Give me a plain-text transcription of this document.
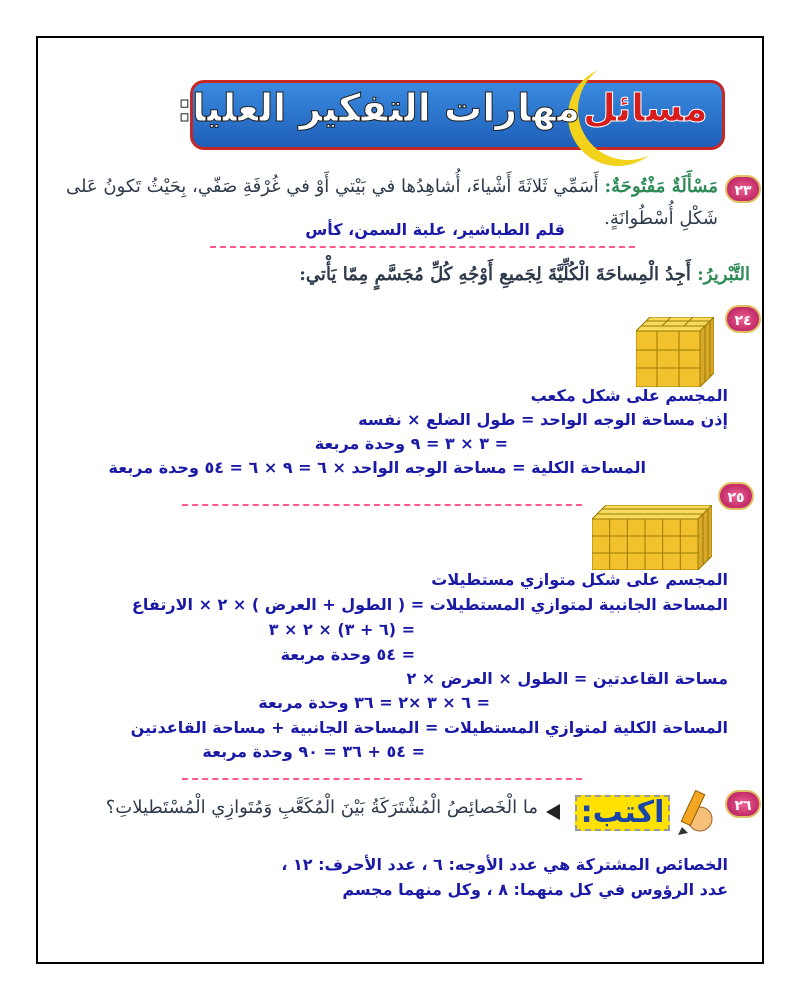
مسائل
مهارات التفكير العليا:
٢٣
مَسْأَلَةٌ مَفْتُوحَةٌ: أَسَمِّي ثَلاثَةَ أَشْياءَ، أُشاهِدُها في بَيْتي أَوْ في غُرْفَةِ صَفّي، بِحَيْثُ تَكونُ عَلى
شَكْلِ أُسْطُوانَةٍ.
قلم الطباشير، علبة السمن، كأس
التَّبْريرُ: أَجِدُ الْمِساحَةَ الْكُلِّيَّةَ لِجَميعِ أَوْجُهِ كُلِّ مُجَسَّمٍ مِمّا يَأْتي:
٢٤
المجسم على شكل مكعب
إذن مساحة الوجه الواحد = طول الضلع × نفسه
= ٣ × ٣ = ٩ وحدة مربعة
المساحة الكلية = مساحة الوجه الواحد × ٦ = ٩ × ٦ = ٥٤ وحدة مربعة
٢٥
المجسم على شكل متوازي مستطيلات
المساحة الجانبية لمتوازي المستطيلات = ( الطول + العرض ) × ٢ × الارتفاع
= (٦ + ٣) × ٢ × ٣
= ٥٤ وحدة مربعة
مساحة القاعدتين = الطول × العرض × ٢
= ٦ × ٣ ×٢ = ٣٦ وحدة مربعة
المساحة الكلية لمتوازي المستطيلات = المساحة الجانبية + مساحة القاعدتين
= ٥٤ + ٣٦ = ٩٠ وحدة مربعة
٢٦
اكتب:
ما الْخَصائِصُ الْمُشْتَرَكَةُ بَيْنَ الْمُكَعَّبِ وَمُتَوازِي الْمُسْتَطيلاتِ؟
الخصائص المشتركة هي عدد الأوجه: ٦ ، عدد الأحرف: ١٢ ،
عدد الرؤوس في كل منهما: ٨ ، وكل منهما مجسم
